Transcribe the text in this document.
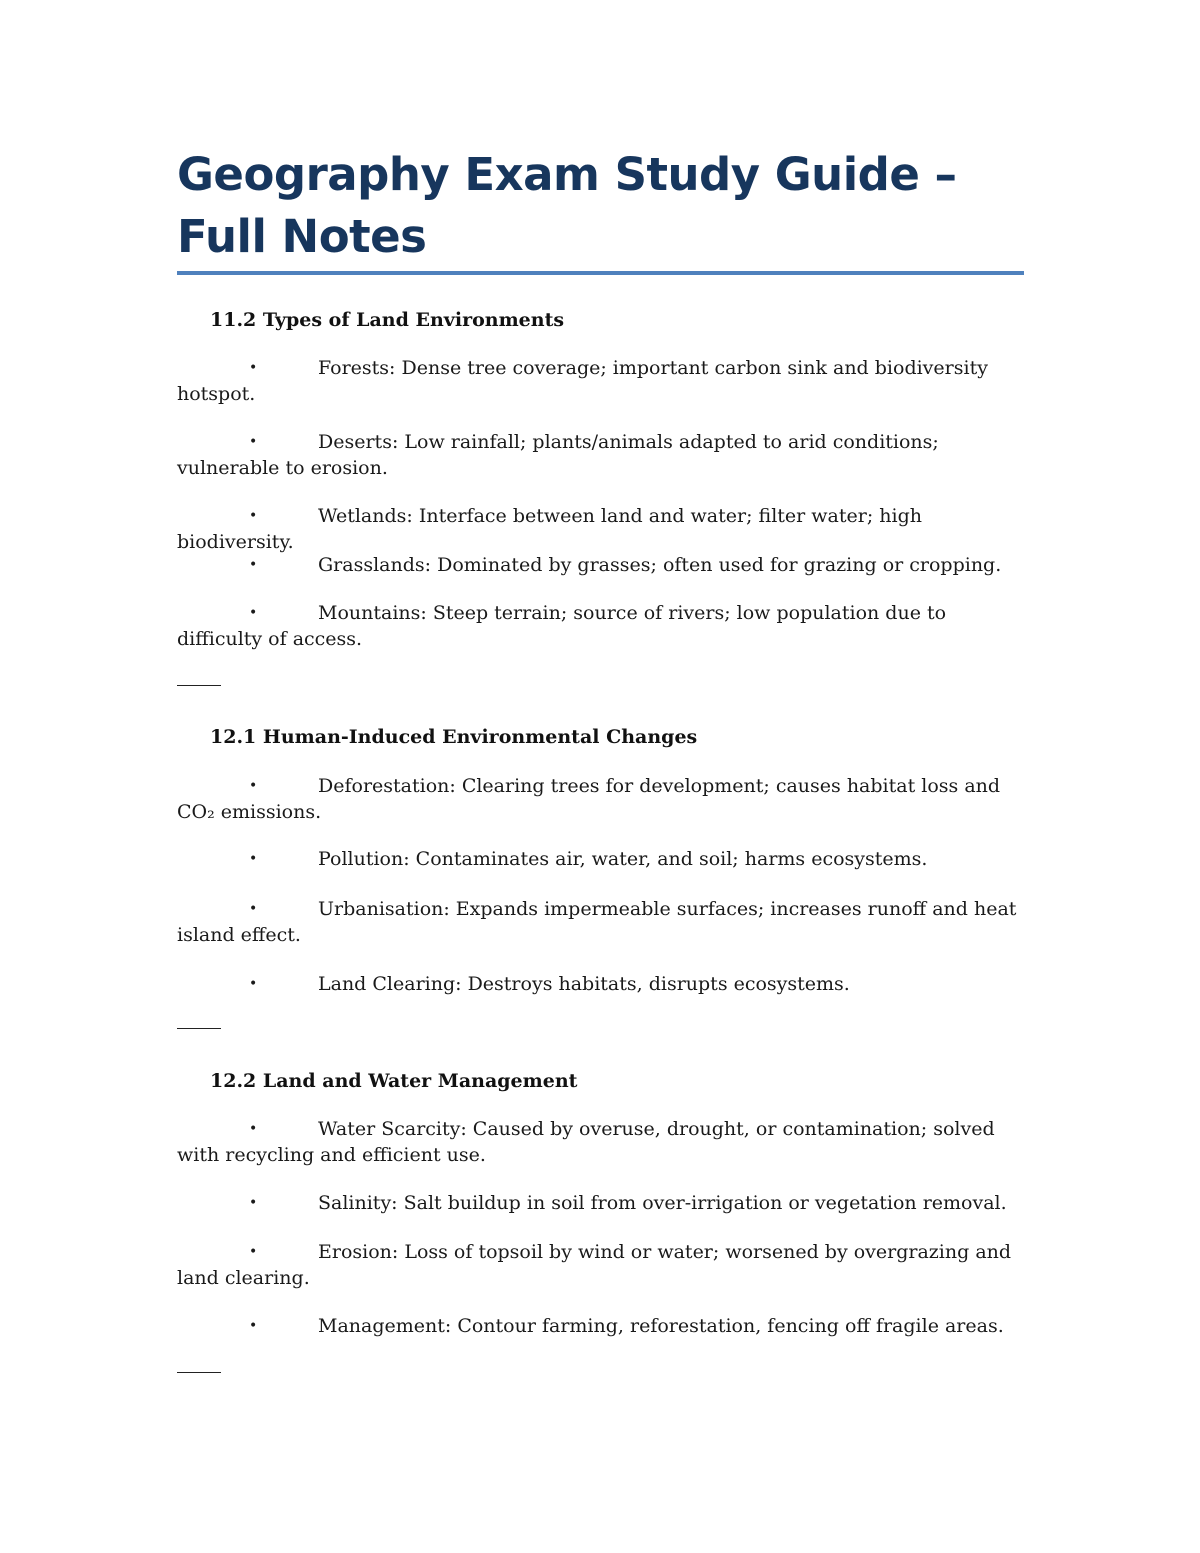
Geography Exam Study Guide – Full Notes
11.2 Types of Land Environments

•	Forests: Dense tree coverage; important carbon sink and biodiversity hotspot.

•	Deserts: Low rainfall; plants/animals adapted to arid conditions; vulnerable to erosion.

•	Wetlands: Interface between land and water; filter water; high biodiversity.

•	Grasslands: Dominated by grasses; often used for grazing or cropping.

•	Mountains: Steep terrain; source of rivers; low population due to difficulty of access.

12.1 Human-Induced Environmental Changes

•	Deforestation: Clearing trees for development; causes habitat loss and CO₂ emissions.

•	Pollution: Contaminates air, water, and soil; harms ecosystems.

•	Urbanisation: Expands impermeable surfaces; increases runoff and heat island effect.

•	Land Clearing: Destroys habitats, disrupts ecosystems.

12.2 Land and Water Management

•	Water Scarcity: Caused by overuse, drought, or contamination; solved with recycling and efficient use.

•	Salinity: Salt buildup in soil from over-irrigation or vegetation removal.

•	Erosion: Loss of topsoil by wind or water; worsened by overgrazing and land clearing.

•	Management: Contour farming, reforestation, fencing off fragile areas.
